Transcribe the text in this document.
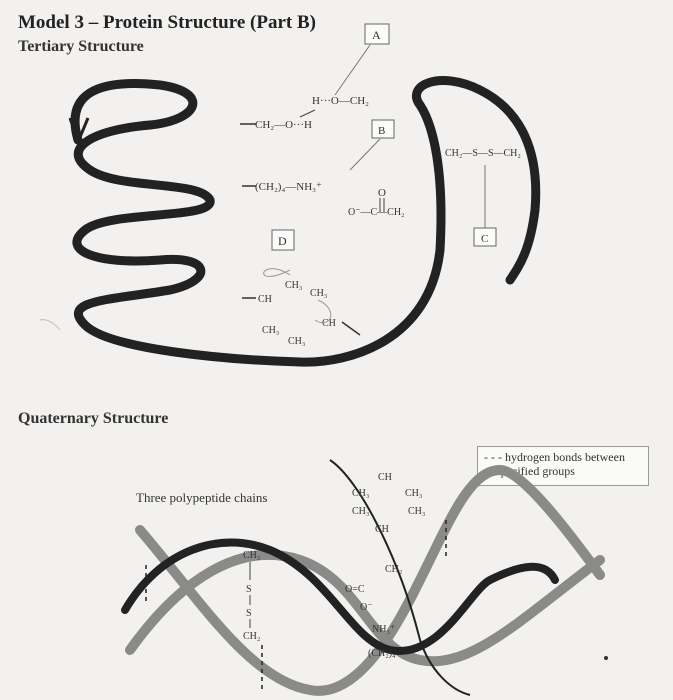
Model 3 – Protein Structure (Part B)
Tertiary Structure
Quaternary Structure
Three polypeptide chains
- - - hydrogen bonds between unspecified groups
A
H···O—CH₂
CH₂—O···H	B
CH₂—S—S—CH₂
C
(CH₂)₄—NH₃⁺	O
O⁻—C—CH₂
D
CH
CH₃
CH₃
CH₃
CH₃
CH
CH₂
S
S
CH₂
CH
CH₃	CH₃
CH₃	CH₃
CH
CH₂
O=C
O⁻
NH₃⁺
(CH₂)₄
